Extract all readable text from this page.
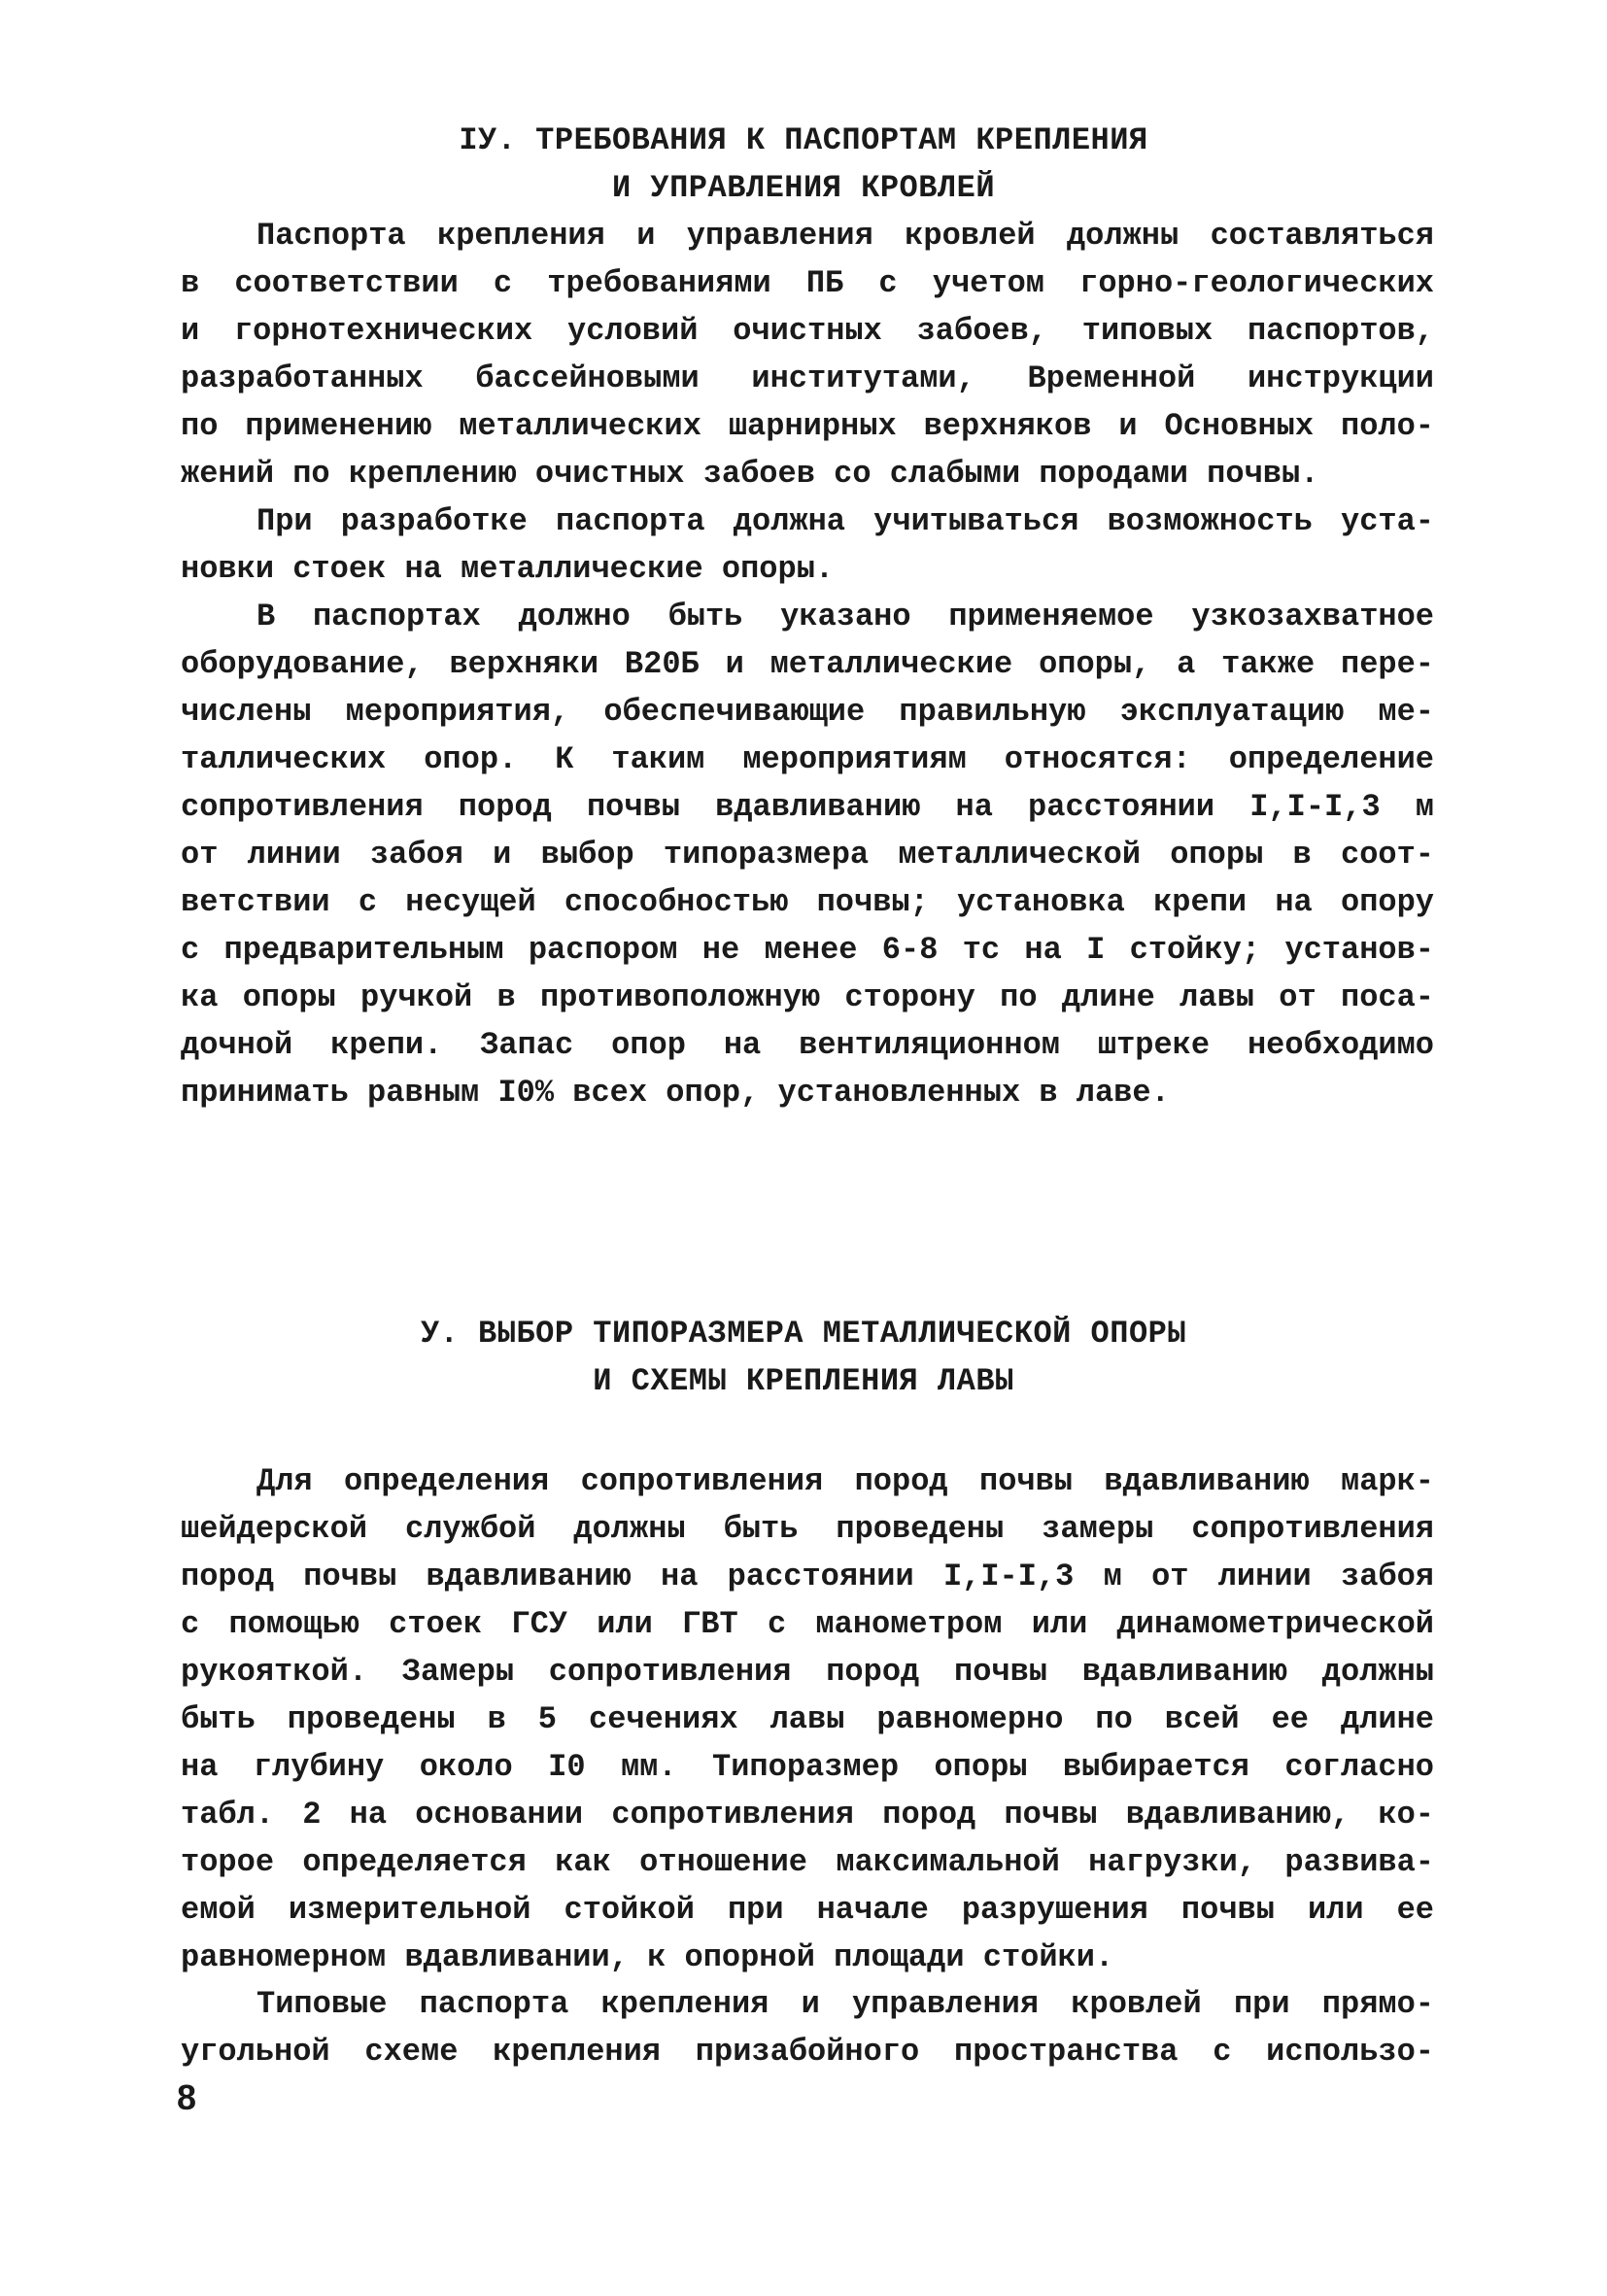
IУ. ТРЕБОВАНИЯ К ПАСПОРТАМ КРЕПЛЕНИЯ
И УПРАВЛЕНИЯ КРОВЛЕЙ
Паспорта крепления и управления кровлей должны составляться
в соответствии с требованиями ПБ с учетом горно-геологических
и горнотехнических условий очистных забоев, типовых паспортов,
разработанных бассейновыми институтами, Временной инструкции
по применению металлических шарнирных верхняков и Основных поло-
жений по креплению очистных забоев со слабыми породами почвы.
При разработке паспорта должна учитываться возможность уста-
новки стоек на металлические опоры.
В паспортах должно быть указано применяемое узкозахватное
оборудование, верхняки В20Б и металлические опоры, а также пере-
числены мероприятия, обеспечивающие правильную эксплуатацию ме-
таллических опор. К таким мероприятиям относятся: определение
сопротивления пород почвы вдавливанию на расстоянии I,I-I,3 м
от линии забоя и выбор типоразмера металлической опоры в соот-
ветствии с несущей способностью почвы; установка крепи на опору
с предварительным распором не менее 6-8 тс на I стойку; установ-
ка опоры ручкой в противоположную сторону по длине лавы от поса-
дочной крепи. Запас опор на вентиляционном штреке необходимо
принимать равным I0% всех опор, установленных в лаве.
У. ВЫБОР ТИПОРАЗМЕРА МЕТАЛЛИЧЕСКОЙ ОПОРЫ
И СХЕМЫ КРЕПЛЕНИЯ ЛАВЫ
Для определения сопротивления пород почвы вдавливанию марк-
шейдерской службой должны быть проведены замеры сопротивления
пород почвы вдавливанию на расстоянии I,I-I,3 м от линии забоя
с помощью стоек ГСУ или ГВТ с манометром или динамометрической
рукояткой. Замеры сопротивления пород почвы вдавливанию должны
быть проведены в 5 сечениях лавы равномерно по всей ее длине
на глубину около I0 мм. Типоразмер опоры выбирается согласно
табл. 2 на основании сопротивления пород почвы вдавливанию, ко-
торое определяется как отношение максимальной нагрузки, развива-
емой измерительной стойкой при начале разрушения почвы или ее
равномерном вдавливании, к опорной площади стойки.
Типовые паспорта крепления и управления кровлей при прямо-
угольной схеме крепления призабойного пространства с использо-
8
